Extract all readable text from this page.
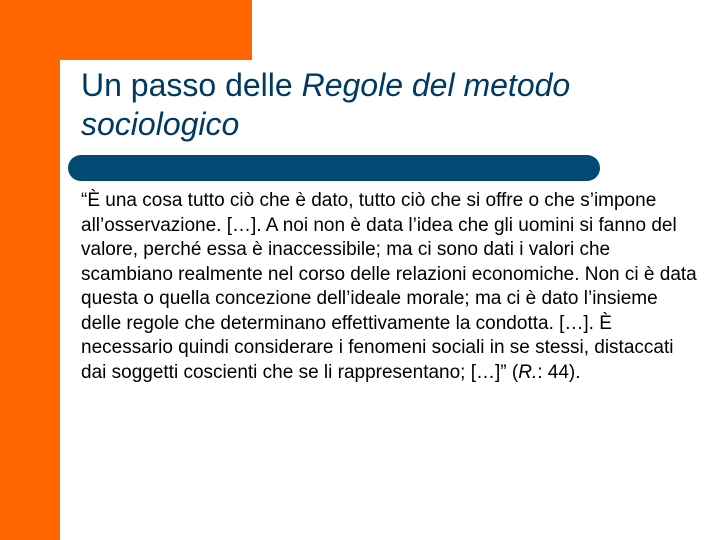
Un passo delle Regole del metodo sociologico

“È una cosa tutto ciò che è dato, tutto ciò che si offre o che s’impone all’osservazione. […]. A noi non è data l’idea che gli uomini si fanno del valore, perché essa è inaccessibile; ma ci sono dati i valori che scambiano realmente nel corso delle relazioni economiche. Non ci è data questa o quella concezione dell’ideale morale; ma ci è dato l’insieme delle regole che determinano effettivamente la condotta. […]. È necessario quindi considerare i fenomeni sociali in se stessi, distaccati dai soggetti coscienti che se li rappresentano; […]” (R.: 44).
